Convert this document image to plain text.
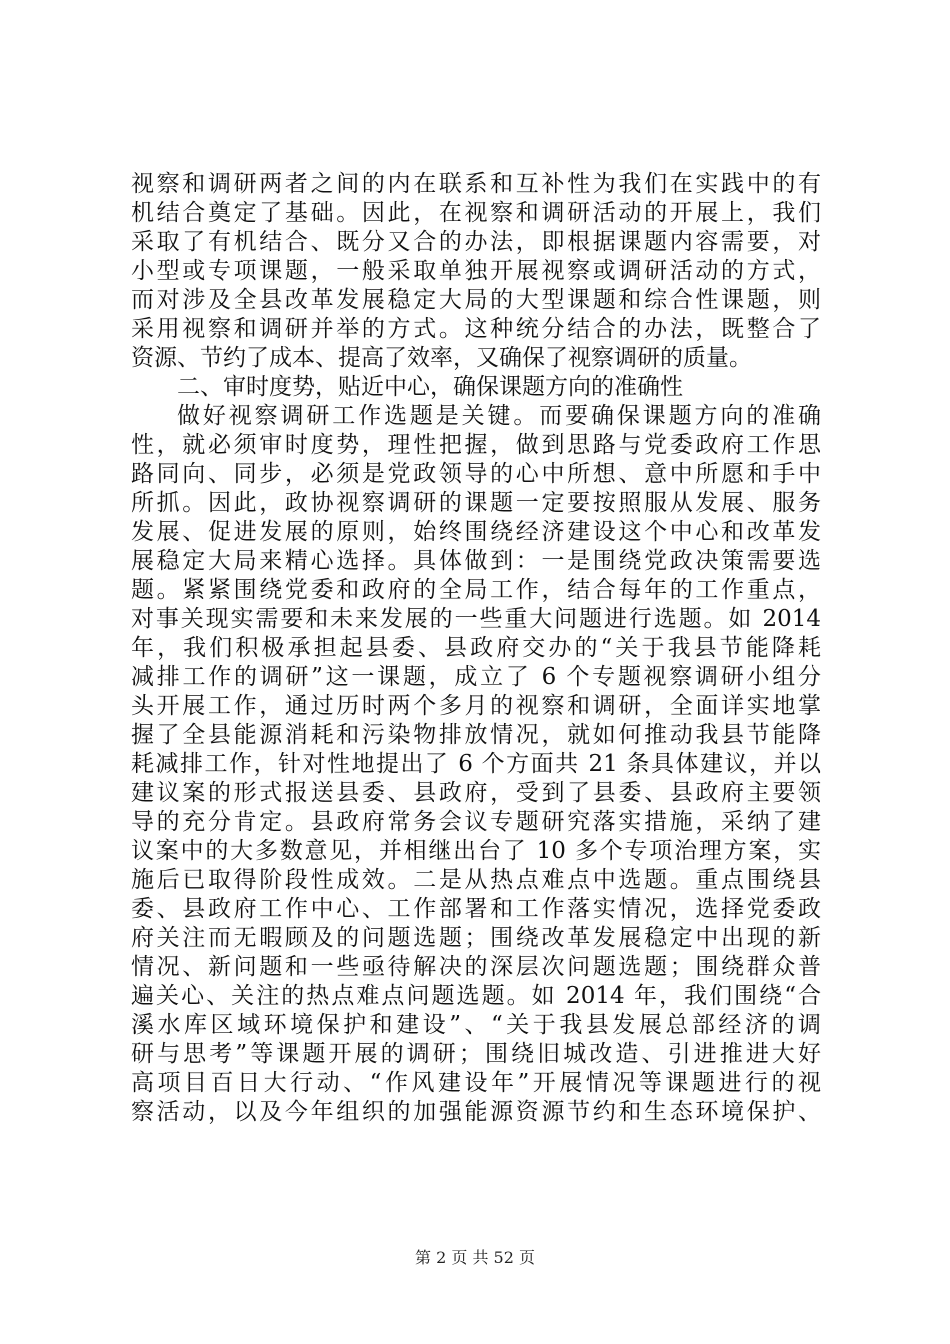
视察和调研两者之间的内在联系和互补性为我们在实践中的有
机结合奠定了基础。因此，在视察和调研活动的开展上，我们
采取了有机结合、既分又合的办法，即根据课题内容需要，对
小型或专项课题，一般采取单独开展视察或调研活动的方式，
而对涉及全县改革发展稳定大局的大型课题和综合性课题，则
采用视察和调研并举的方式。这种统分结合的办法，既整合了
资源、节约了成本、提高了效率，又确保了视察调研的质量。
二、审时度势，贴近中心，确保课题方向的准确性
做好视察调研工作选题是关键。而要确保课题方向的准确
性，就必须审时度势，理性把握，做到思路与党委政府工作思
路同向、同步，必须是党政领导的心中所想、意中所愿和手中
所抓。因此，政协视察调研的课题一定要按照服从发展、服务
发展、促进发展的原则，始终围绕经济建设这个中心和改革发
展稳定大局来精心选择。具体做到：一是围绕党政决策需要选
题。紧紧围绕党委和政府的全局工作，结合每年的工作重点，
对事关现实需要和未来发展的一些重大问题进行选题。如 2014
年，我们积极承担起县委、县政府交办的“关于我县节能降耗
减排工作的调研”这一课题，成立了 6 个专题视察调研小组分
头开展工作，通过历时两个多月的视察和调研，全面详实地掌
握了全县能源消耗和污染物排放情况，就如何推动我县节能降
耗减排工作，针对性地提出了 6 个方面共 21 条具体建议，并以
建议案的形式报送县委、县政府，受到了县委、县政府主要领
导的充分肯定。县政府常务会议专题研究落实措施，采纳了建
议案中的大多数意见，并相继出台了 10 多个专项治理方案，实
施后已取得阶段性成效。二是从热点难点中选题。重点围绕县
委、县政府工作中心、工作部署和工作落实情况，选择党委政
府关注而无暇顾及的问题选题；围绕改革发展稳定中出现的新
情况、新问题和一些亟待解决的深层次问题选题；围绕群众普
遍关心、关注的热点难点问题选题。如 2014 年，我们围绕“合
溪水库区域环境保护和建设”、“关于我县发展总部经济的调
研与思考”等课题开展的调研；围绕旧城改造、引进推进大好
高项目百日大行动、“作风建设年”开展情况等课题进行的视
察活动，以及今年组织的加强能源资源节约和生态环境保护、
第 2 页 共 52 页
